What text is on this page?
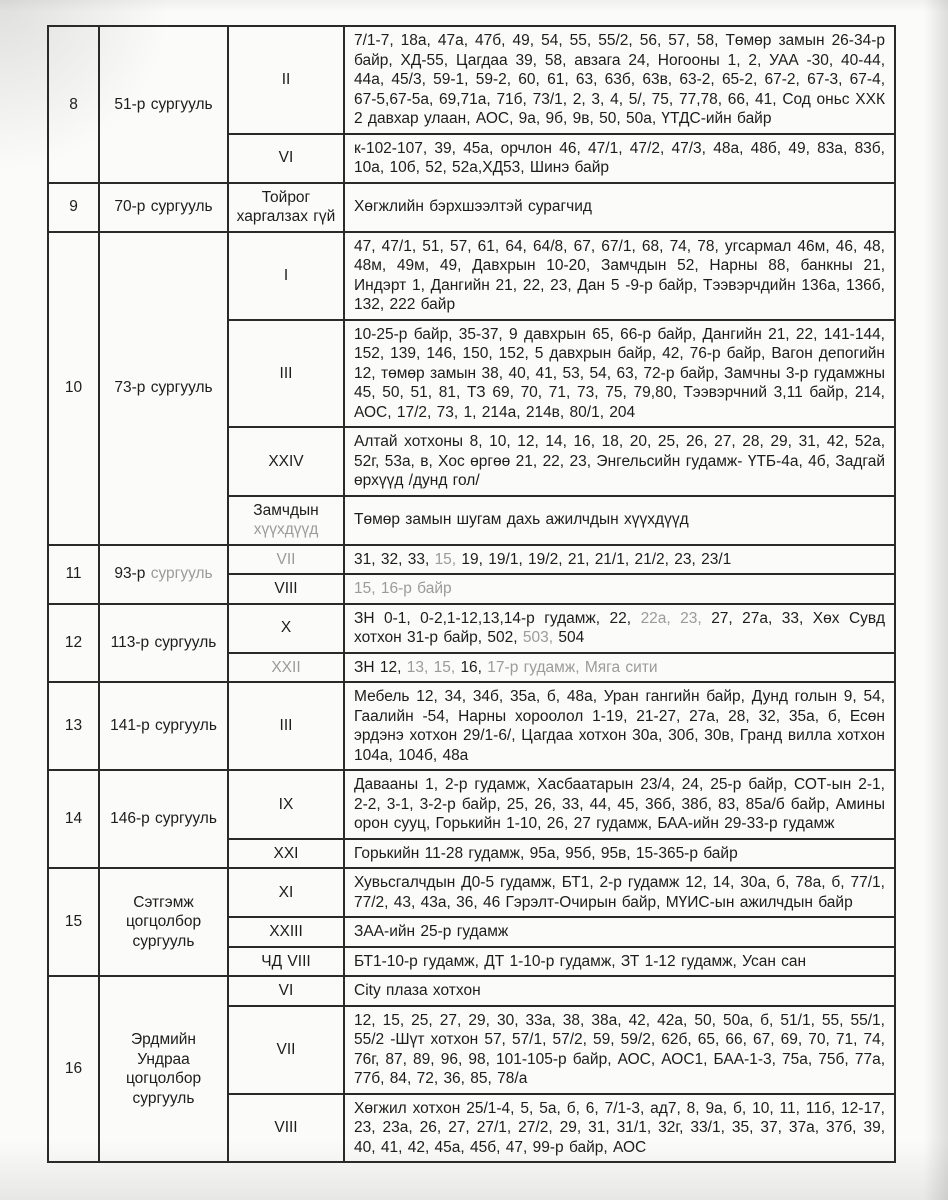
8	51-р сургууль	II	7/1-7, 18а, 47а, 47б, 49, 54, 55, 55/2, 56, 57, 58, Төмөр замын 26-34-р байр, ХД-55, Цагдаа 39, 58, авзага 24, Ногооны 1, 2, УАА -30, 40-44, 44а, 45/3, 59-1, 59-2, 60, 61, 63, 63б, 63в, 63-2, 65-2, 67-2, 67-3, 67-4, 67-5,67-5а, 69,71а, 71б, 73/1, 2, 3, 4, 5/, 75, 77,78, 66, 41, Сод оньс ХХК 2 давхар улаан, АОС, 9а, 9б, 9в, 50, 50а, ҮТДС-ийн байр
		VI	к-102-107, 39, 45а, орчлон 46, 47/1, 47/2, 47/3, 48а, 48б, 49, 83а, 83б, 10а, 10б, 52, 52а,ХД53, Шинэ байр
9	70-р сургууль	Тойрог харгалзах гүй	Хөгжлийн бэрхшээлтэй сурагчид
10	73-р сургууль	I	47, 47/1, 51, 57, 61, 64, 64/8, 67, 67/1, 68, 74, 78, угсармал 46м, 46, 48, 48м, 49м, 49, Давхрын 10-20, Замчдын 52, Нарны 88, банкны 21, Индэрт 1, Дангийн 21, 22, 23, Дан 5 -9-р байр, Тээвэрчдийн 136а, 136б, 132, 222 байр
		III	10-25-р байр, 35-37, 9 давхрын 65, 66-р байр, Дангийн 21, 22, 141-144, 152, 139, 146, 150, 152, 5 давхрын байр, 42, 76-р байр, Вагон депогийн 12, төмөр замын 38, 40, 41, 53, 54, 63, 72-р байр, Замчны 3-р гудамжны 45, 50, 51, 81, ТЗ 69, 70, 71, 73, 75, 79,80, Тээвэрчний 3,11 байр, 214, АОС, 17/2, 73, 1, 214а, 214в, 80/1, 204
		XXIV	Алтай хотхоны 8, 10, 12, 14, 16, 18, 20, 25, 26, 27, 28, 29, 31, 42, 52а, 52г, 53а, в, Хос өргөө 21, 22, 23, Энгельсийн гудамж- ҮТБ-4а, 4б, Задгай өрхүүд /дунд гол/
		Замчдын хүүхдүүд	Төмөр замын шугам дахь ажилчдын хүүхдүүд
11	93-р сургууль	VII	31, 32, 33, 15, 19, 19/1, 19/2, 21, 21/1, 21/2, 23, 23/1
		VIII	15, 16-р байр
12	113-р сургууль	X	ЗН 0-1, 0-2,1-12,13,14-р гудамж, 22, 22а, 23, 27, 27а, 33, Хөх Сувд хотхон 31-р байр, 502, 503, 504
		XXII	ЗН 12, 13, 15, 16, 17-р гудамж, Мяга сити
13	141-р сургууль	III	Мебель 12, 34, 34б, 35а, б, 48а, Уран гангийн байр, Дунд голын 9, 54, Гаалийн -54, Нарны хороолол 1-19, 21-27, 27а, 28, 32, 35а, б, Есөн эрдэнэ хотхон 29/1-6/, Цагдаа хотхон 30а, 30б, 30в, Гранд вилла хотхон 104а, 104б, 48а
14	146-р сургууль	IX	Давааны 1, 2-р гудамж, Хасбаатарын 23/4, 24, 25-р байр, СОТ-ын 2-1, 2-2, 3-1, 3-2-р байр, 25, 26, 33, 44, 45, 36б, 38б, 83, 85а/б байр, Амины орон сууц, Горькийн 1-10, 26, 27 гудамж, БАА-ийн 29-33-р гудамж
		XXI	Горькийн 11-28 гудамж, 95а, 95б, 95в, 15-365-р байр
15	Сэтгэмж цогцолбор сургууль	XI	Хувьсгалчдын Д0-5 гудамж, БТ1, 2-р гудамж 12, 14, 30а, б, 78а, б, 77/1, 77/2, 43, 43а, 36, 46 Гэрэлт-Очирын байр, МҮИС-ын ажилчдын байр
		XXIII	ЗАА-ийн 25-р гудамж
		ЧД VIII	БТ1-10-р гудамж, ДТ 1-10-р гудамж, ЗТ 1-12 гудамж, Усан сан
16	Эрдмийн Ундраа цогцолбор сургууль	VI	City плаза хотхон
		VII	12, 15, 25, 27, 29, 30, 33а, 38, 38а, 42, 42а, 50, 50а, б, 51/1, 55, 55/1, 55/2 -Шүт хотхон 57, 57/1, 57/2, 59, 59/2, 62б, 65, 66, 67, 69, 70, 71, 74, 76г, 87, 89, 96, 98, 101-105-р байр, АОС, АОС1, БАА-1-3, 75а, 75б, 77а, 77б, 84, 72, 36, 85, 78/а
		VIII	Хөгжил хотхон 25/1-4, 5, 5а, б, 6, 7/1-3, ад7, 8, 9а, б, 10, 11, 11б, 12-17, 23, 23а, 26, 27, 27/1, 27/2, 29, 31, 31/1, 32г, 33/1, 35, 37, 37а, 37б, 39, 40, 41, 42, 45а, 45б, 47, 99-р байр, АОС
